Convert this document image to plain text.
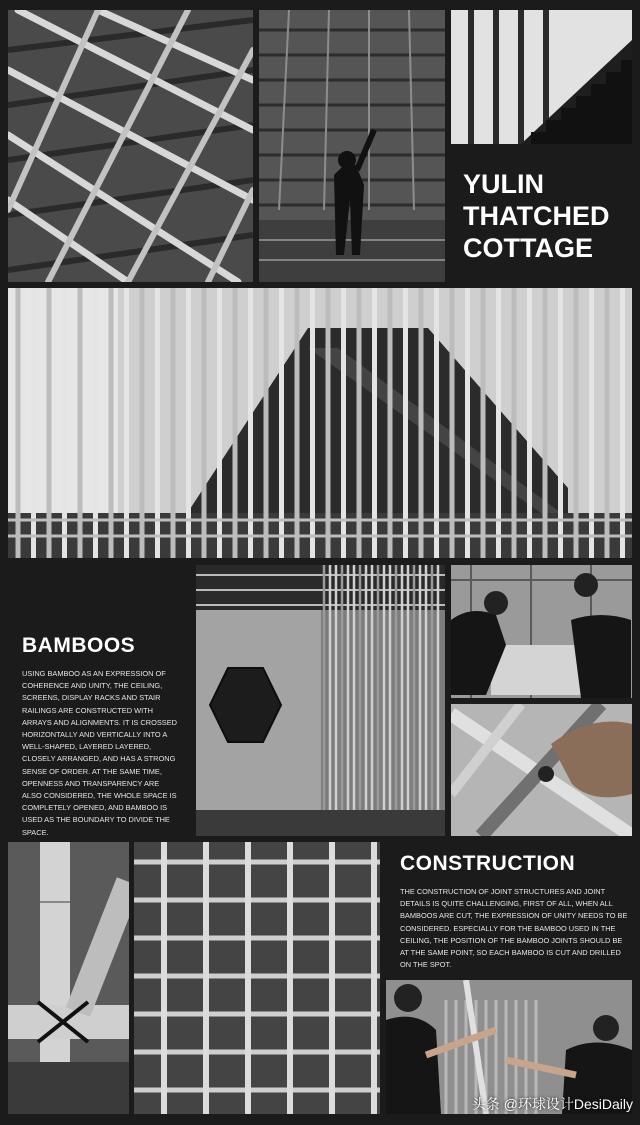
YULIN
THATCHED
COTTAGE
BAMBOOS
USING BAMBOO AS AN EXPRESSION OF COHERENCE AND UNITY, THE CEILING, SCREENS, DISPLAY RACKS AND STAIR RAILINGS ARE CONSTRUCTED WITH ARRAYS AND ALIGNMENTS. IT IS CROSSED HORIZONTALLY AND VERTICALLY INTO A WELL-SHAPED, LAYERED LAYERED, CLOSELY ARRANGED, AND HAS A STRONG SENSE OF ORDER. AT THE SAME TIME, OPENNESS AND TRANSPARENCY ARE ALSO CONSIDERED, THE WHOLE SPACE IS COMPLETELY OPENED, AND BAMBOO IS USED AS THE BOUNDARY TO DIVIDE THE SPACE.
CONSTRUCTION
THE CONSTRUCTION OF JOINT STRUCTURES AND JOINT DETAILS IS QUITE CHALLENGING, FIRST OF ALL, WHEN ALL BAMBOOS ARE CUT, THE EXPRESSION OF UNITY NEEDS TO BE CONSIDERED. ESPECIALLY FOR THE BAMBOO USED IN THE CEILING, THE POSITION OF THE BAMBOO JOINTS SHOULD BE AT THE SAME POINT, SO EACH BAMBOO IS CUT AND DRILLED ON THE SPOT.
头条 @环球设计DesiDaily
